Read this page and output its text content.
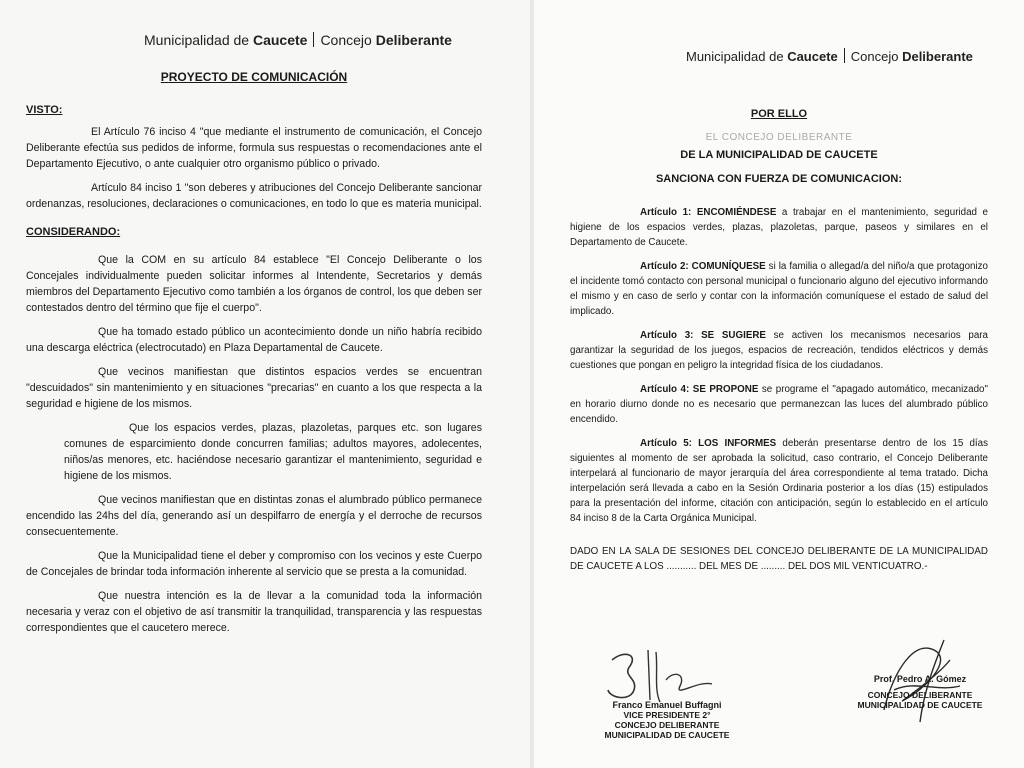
Municipalidad de Caucete Concejo Deliberante
PROYECTO DE COMUNICACIÓN
VISTO:

El Artículo 76 inciso 4 "que mediante el instrumento de comunicación, el Concejo Deliberante efectúa sus pedidos de informe, formula sus respuestas o recomendaciones ante el Departamento Ejecutivo, o ante cualquier otro organismo público o privado.

Artículo 84 inciso 1 "son deberes y atribuciones del Concejo Deliberante sancionar ordenanzas, resoluciones, declaraciones o comunicaciones, en todo lo que es materia municipal.

CONSIDERANDO:

Que la COM en su artículo 84 establece "El Concejo Deliberante o los Concejales individualmente pueden solicitar informes al Intendente, Secretarios y demás miembros del Departamento Ejecutivo como también a los órganos de control, los que deben ser contestados dentro del término que fije el cuerpo".

Que ha tomado estado público un acontecimiento donde un niño habría recibido una descarga eléctrica (electrocutado) en Plaza Departamental de Caucete.

Que vecinos manifiestan que distintos espacios verdes se encuentran "descuidados" sin mantenimiento y en situaciones "precarias" en cuanto a los que respecta a la seguridad e higiene de los mismos.

Que los espacios verdes, plazas, plazoletas, parques etc. son lugares comunes de esparcimiento donde concurren familias; adultos mayores, adolecentes, niños/as menores, etc. haciéndose necesario garantizar el mantenimiento, seguridad e higiene de los mismos.

Que vecinos manifiestan que en distintas zonas el alumbrado público permanece encendido las 24hs del día, generando así un despilfarro de energía y el derroche de recursos consecuentemente.

Que la Municipalidad tiene el deber y compromiso con los vecinos y este Cuerpo de Concejales de brindar toda información inherente al servicio que se presta a la comunidad.

Que nuestra intención es la de llevar a la comunidad toda la información necesaria y veraz con el objetivo de así transmitir la tranquilidad, transparencia y las respuestas correspondientes que el caucetero merece.

Municipalidad de Caucete Concejo Deliberante
POR ELLO
EL CONCEJO DELIBERANTE
DE LA MUNICIPALIDAD DE CAUCETE
SANCIONA CON FUERZA DE COMUNICACION:

Artículo 1: ENCOMIÉNDESE a trabajar en el mantenimiento, seguridad e higiene de los espacios verdes, plazas, plazoletas, parque, paseos y similares en el Departamento de Caucete.

Artículo 2: COMUNÍQUESE si la familia o allegad/a del niño/a que protagonizo el incidente tomó contacto con personal municipal o funcionario alguno del ejecutivo informando el mismo y en caso de serlo y contar con la información comuníquese el estado de salud del implicado.

Artículo 3: SE SUGIERE se activen los mecanismos necesarios para garantizar la seguridad de los juegos, espacios de recreación, tendidos eléctricos y demás cuestiones que pongan en peligro la integridad física de los ciudadanos.

Artículo 4: SE PROPONE se programe el "apagado automático, mecanizado" en horario diurno donde no es necesario que permanezcan las luces del alumbrado público encendido.

Artículo 5: LOS INFORMES deberán presentarse dentro de los 15 días siguientes al momento de ser aprobada la solicitud, caso contrario, el Concejo Deliberante interpelará al funcionario de mayor jerarquía del área correspondiente al tema tratado. Dicha interpelación será llevada a cabo en la Sesión Ordinaria posterior a los días (15) estipulados para la presentación del informe, citación con anticipación, según lo establecido en el artículo 84 inciso 8 de la Carta Orgánica Municipal.

DADO EN LA SALA DE SESIONES DEL CONCEJO DELIBERANTE DE LA MUNICIPALIDAD DE CAUCETE A LOS ........... DEL MES DE ......... DEL DOS MIL VENTICUATRO.-

Franco Emanuel Buffagni
VICE PRESIDENTE 2°
CONCEJO DELIBERANTE
MUNICIPALIDAD DE CAUCETE
Prof. Pedro A. Gómez
CONCEJO DELIBERANTE
MUNICIPALIDAD DE CAUCETE
